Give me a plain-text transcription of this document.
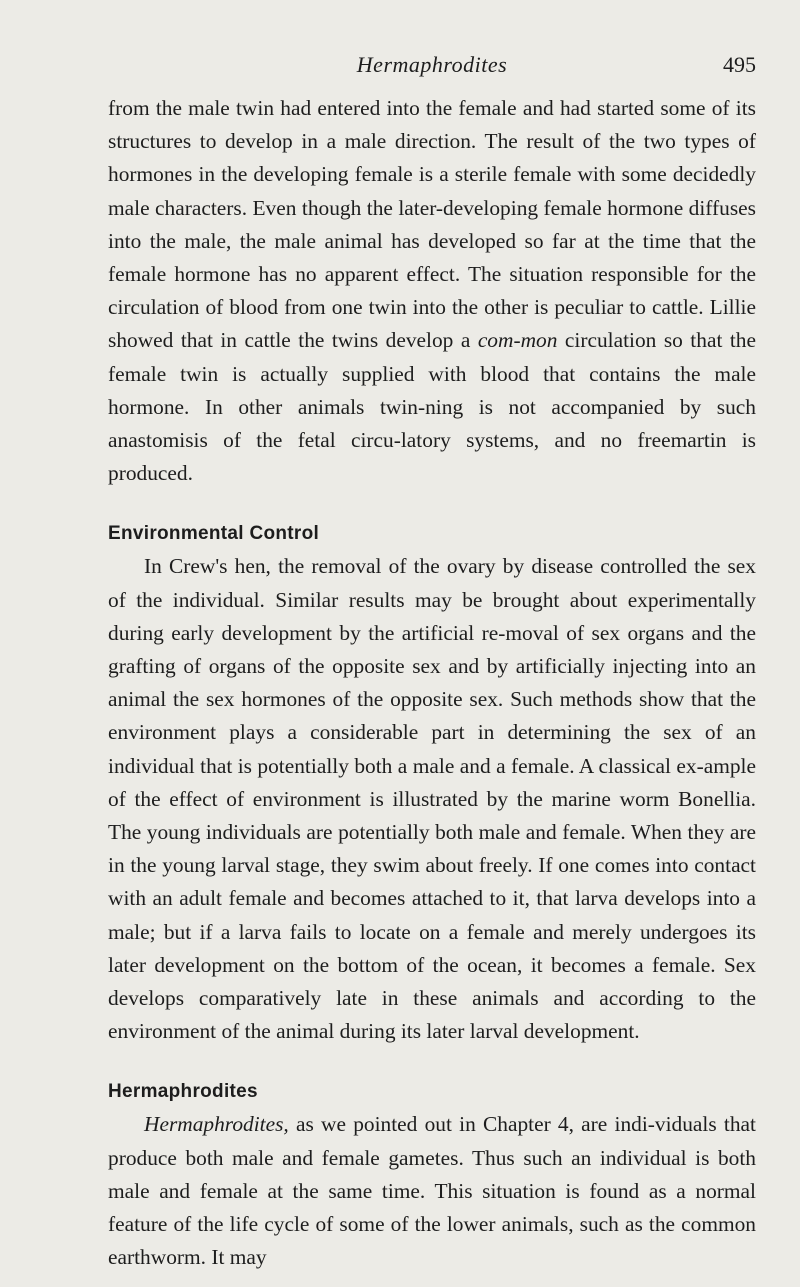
Hermaphrodites	495

from the male twin had entered into the female and had started some of its structures to develop in a male direction. The result of the two types of hormones in the developing female is a sterile female with some decidedly male characters. Even though the later-developing female hormone diffuses into the male, the male animal has developed so far at the time that the female hormone has no apparent effect. The situation responsible for the circulation of blood from one twin into the other is peculiar to cattle. Lillie showed that in cattle the twins develop a com-mon circulation so that the female twin is actually supplied with blood that contains the male hormone. In other animals twin-ning is not accompanied by such anastomisis of the fetal circu-latory systems, and no freemartin is produced.

Environmental Control

In Crew's hen, the removal of the ovary by disease controlled the sex of the individual. Similar results may be brought about experimentally during early development by the artificial re-moval of sex organs and the grafting of organs of the opposite sex and by artificially injecting into an animal the sex hormones of the opposite sex. Such methods show that the environment plays a considerable part in determining the sex of an individual that is potentially both a male and a female. A classical ex-ample of the effect of environment is illustrated by the marine worm Bonellia. The young individuals are potentially both male and female. When they are in the young larval stage, they swim about freely. If one comes into contact with an adult female and becomes attached to it, that larva develops into a male; but if a larva fails to locate on a female and merely undergoes its later development on the bottom of the ocean, it becomes a female. Sex develops comparatively late in these animals and according to the environment of the animal during its later larval development.

Hermaphrodites

Hermaphrodites, as we pointed out in Chapter 4, are indi-viduals that produce both male and female gametes. Thus such an individual is both male and female at the same time. This situation is found as a normal feature of the life cycle of some of the lower animals, such as the common earthworm. It may
